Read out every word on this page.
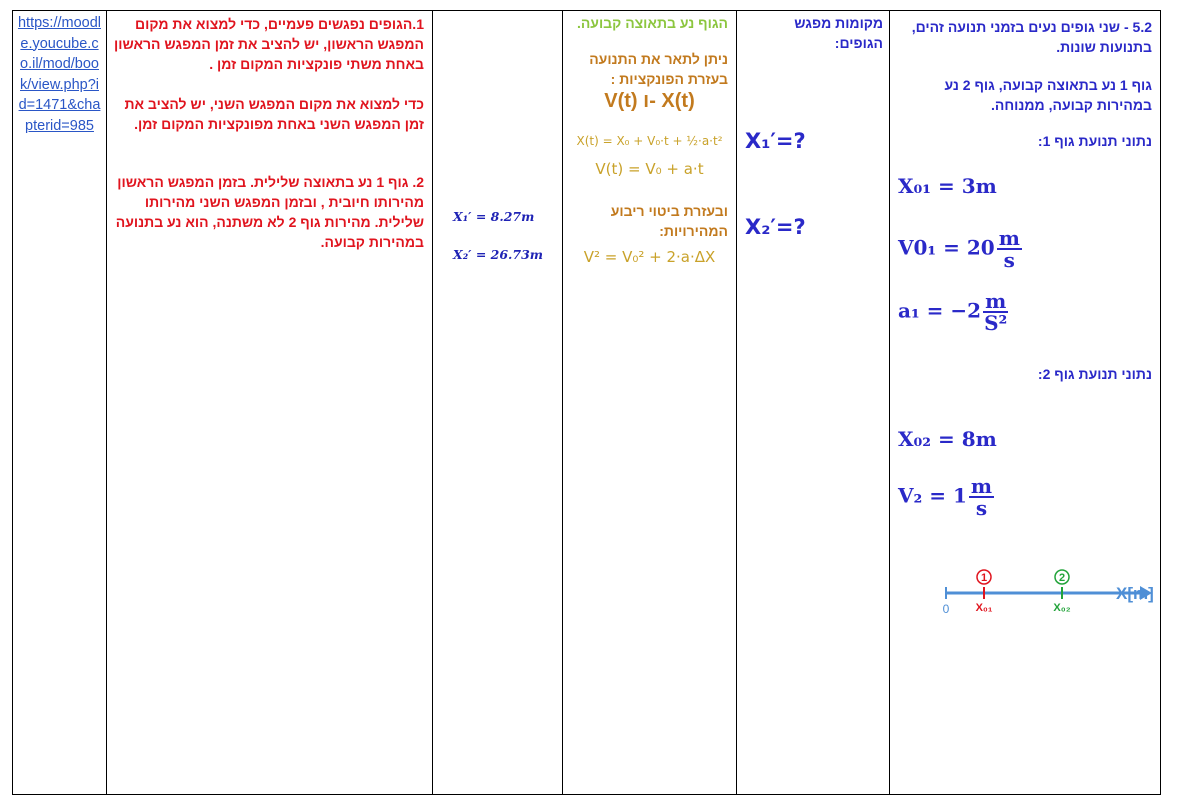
https://moodle.youcube.co.il/mod/book/view.php?id=1471&chapterid=985

1.הגופים נפגשים פעמיים, כדי למצוא את מקום המפגש הראשון, יש להציב את זמן המפגש הראשון באחת משתי פונקציות המקום זמן .

כדי למצוא את מקום המפגש השני, יש להציב את זמן המפגש השני באחת מפונקציות המקום זמן.

2. גוף 1 נע בתאוצה שלילית. בזמן המפגש הראשון מהירותו חיובית , ובזמן המפגש השני מהירותו שלילית. מהירות גוף 2 לא משתנה, הוא נע בתנועה במהירות קבועה.

X₁′ = 8.27m
X₂′ = 26.73m
הגוף נע בתאוצה קבועה.
ניתן לתאר את התנועה בעזרת הפונקציות :
V(t) ו- X(t)
X(t) = X₀ + V₀·t + ½·a·t²
V(t) = V₀ + a·t
ובעזרת ביטוי ריבוע המהירויות:
V² = V₀² + 2·a·ΔX
מקומות מפגש הגופים:
X₁′=?
X₂′=?
5.2 - שני גופים נעים בזמני תנועה זהים, בתנועות שונות.
גוף 1 נע בתאוצה קבועה, גוף 2 נע במהירות קבועה, ממנוחה.
נתוני תנועת גוף 1:
X₀₁ = 3m
$V0_1 = 20 \frac{m}{s}$
$a_1 = -2 \frac{m}{\text{S²}}$
נתוני תנועת גוף 2:
X₀₂ = 8m
$V_2 = 1 \frac{m}{s}$
1	2
0 X₀₁	X₀₂
X[m]
